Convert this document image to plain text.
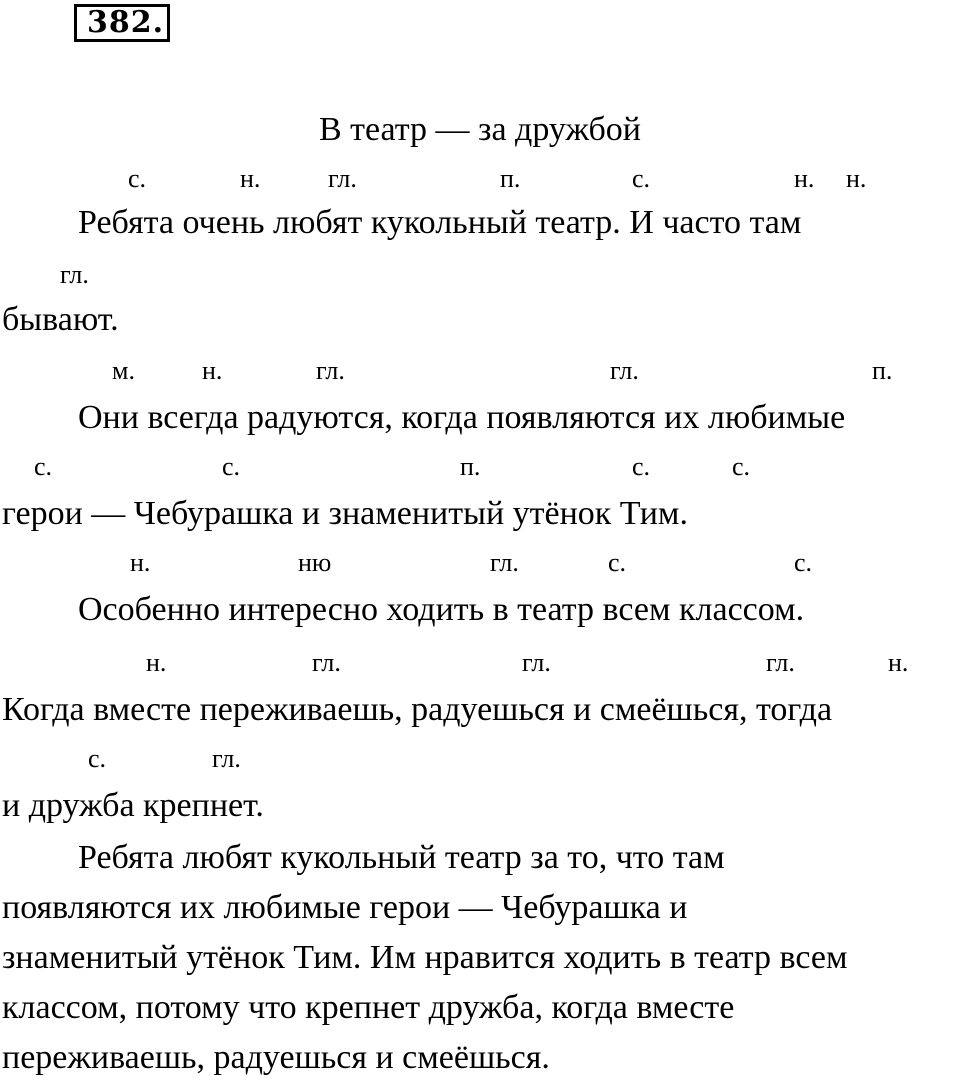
382.
В театр — за дружбой
с.	н.	гл.	п.	с.	н. н.
Ребята очень любят кукольный театр. И часто там
гл.
бывают.
м.	н.	гл.	гл.	п.
Они всегда радуются, когда появляются их любимые
с.	с.	п.	с.	с.
герои — Чебурашка и знаменитый утёнок Тим.
н.	ню	гл.	с.	с.
Особенно интересно ходить в театр всем классом.
н.	гл.	гл.	гл.	н.
Когда вместе переживаешь, радуешься и смеёшься, тогда
с.	гл.
и дружба крепнет.
Ребята любят кукольный театр за то, что там
появляются их любимые герои — Чебурашка и
знаменитый утёнок Тим. Им нравится ходить в театр всем
классом, потому что крепнет дружба, когда вместе
переживаешь, радуешься и смеёшься.
